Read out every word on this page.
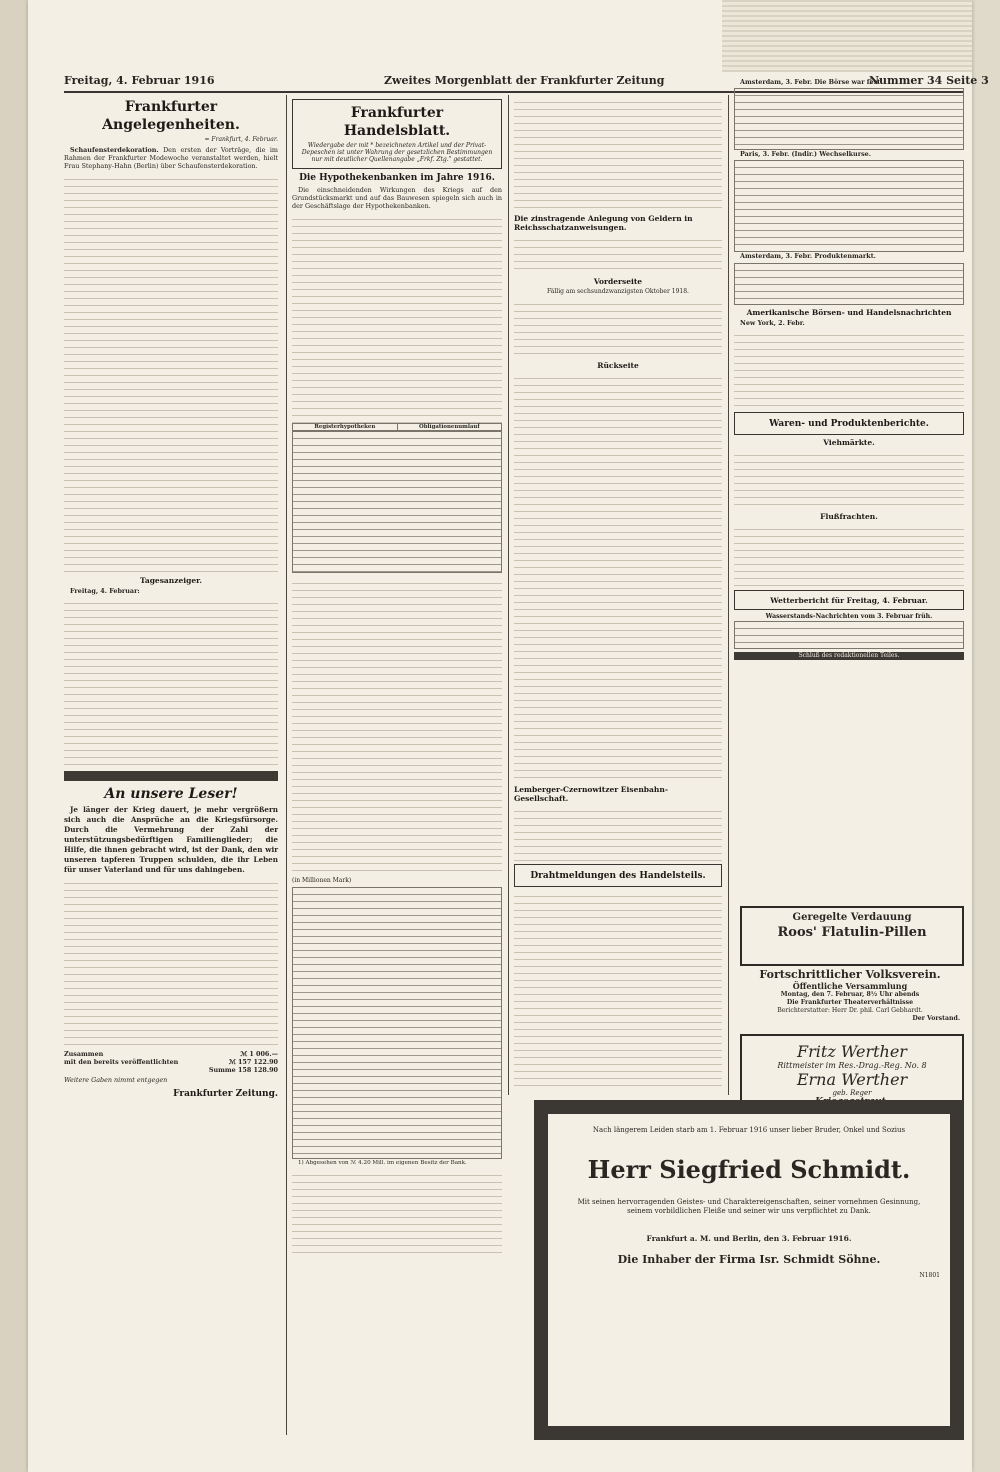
Freitag, 4. Februar 1916	Zweites Morgenblatt der Frankfurter Zeitung	Nummer 34 Seite 3
Frankfurter Angelegenheiten.
= Frankfurt, 4. Februar.

Schaufensterdekoration. Den ersten der Vorträge, die im Rahmen der Frankfurter Modewoche veranstaltet werden, hielt Frau Stephany-Hahn (Berlin) über Schaufensterdekoration.

Tagesanzeiger.

Freitag, 4. Februar:

An unsere Leser!

Je länger der Krieg dauert, je mehr vergrößern sich auch die Ansprüche an die Kriegsfürsorge. Durch die Vermehrung der Zahl der unterstützungsbedürftigen Familienglieder; die Hilfe, die ihnen gebracht wird, ist der Dank, den wir unseren tapferen Truppen schulden, die ihr Leben für unser Vaterland und für uns dahingeben.

Zusammen	ℳ 1 006.—
mit den bereits veröffentlichten	ℳ 157 122.90
Summe 158 128.90
Weitere Gaben nimmt entgegen
Frankfurter Zeitung.
Frankfurter Handelsblatt.
Wiedergabe der mit * bezeichneten Artikel und der Privat-Depeschen ist unter Wahrung der gesetzlichen Bestimmungen nur mit deutlicher Quellenangabe „Frkf. Ztg." gestattet.
Die Hypothekenbanken im Jahre 1916.

Die einschneidenden Wirkungen des Kriegs auf den Grundstücksmarkt und auf das Bauwesen spiegeln sich auch in der Geschäftslage der Hypothekenbanken.

Registerhypotheken	Obligationenumlauf
(in Millionen Mark)

1) Abgesehen von ℳ 4.20 Mill. im eigenen Besitz der Bank.

Die zinstragende Anlegung von Geldern in Reichsschatzanweisungen.
Vorderseite
Fällig am sechsundzwanzigsten Oktober 1918.
Rückseite
Lemberger-Czernowitzer Eisenbahn-Gesellschaft.
Drahtmeldungen des Handelsteils.

Amsterdam, 3. Febr. Die Börse war fest.

Paris, 3. Febr. (Indir.) Wechselkurse.

Amsterdam, 3. Febr. Produktenmarkt.

Amerikanische Börsen- und Handelsnachrichten

New York, 2. Febr.

Waren- und Produktenberichte.
Viehmärkte.
Flußfrachten.
Wetterbericht für Freitag, 4. Februar.
Wasserstands-Nachrichten vom 3. Februar früh.
Schluß des redaktionellen Teiles.
Geregelte Verdauung
Roos' Flatulin-Pillen
Fortschrittlicher Volksverein.
Öffentliche Versammlung
Montag, den 7. Februar, 8½ Uhr abends
Die Frankfurter Theaterverhältnisse
Berichterstatter: Herr Dr. phil. Carl Gebhardt.
Der Vorstand.
Fritz Werther
Rittmeister im Res.-Drag.-Reg. No. 8
Erna Werther
geb. Reger
Nach längerem Leiden starb am 1. Februar 1916 unser lieber Bruder, Onkel und Sozius
Herr Siegfried Schmidt.
Mit seinen hervorragenden Geistes- und Charaktereigenschaften, seiner vornehmen Gesinnung, seinem vorbildlichen Fleiße und seiner wir uns verpflichtet zu Dank.
Frankfurt a. M. und Berlin, den 3. Februar 1916.
Die Inhaber der Firma Isr. Schmidt Söhne.
N1801
